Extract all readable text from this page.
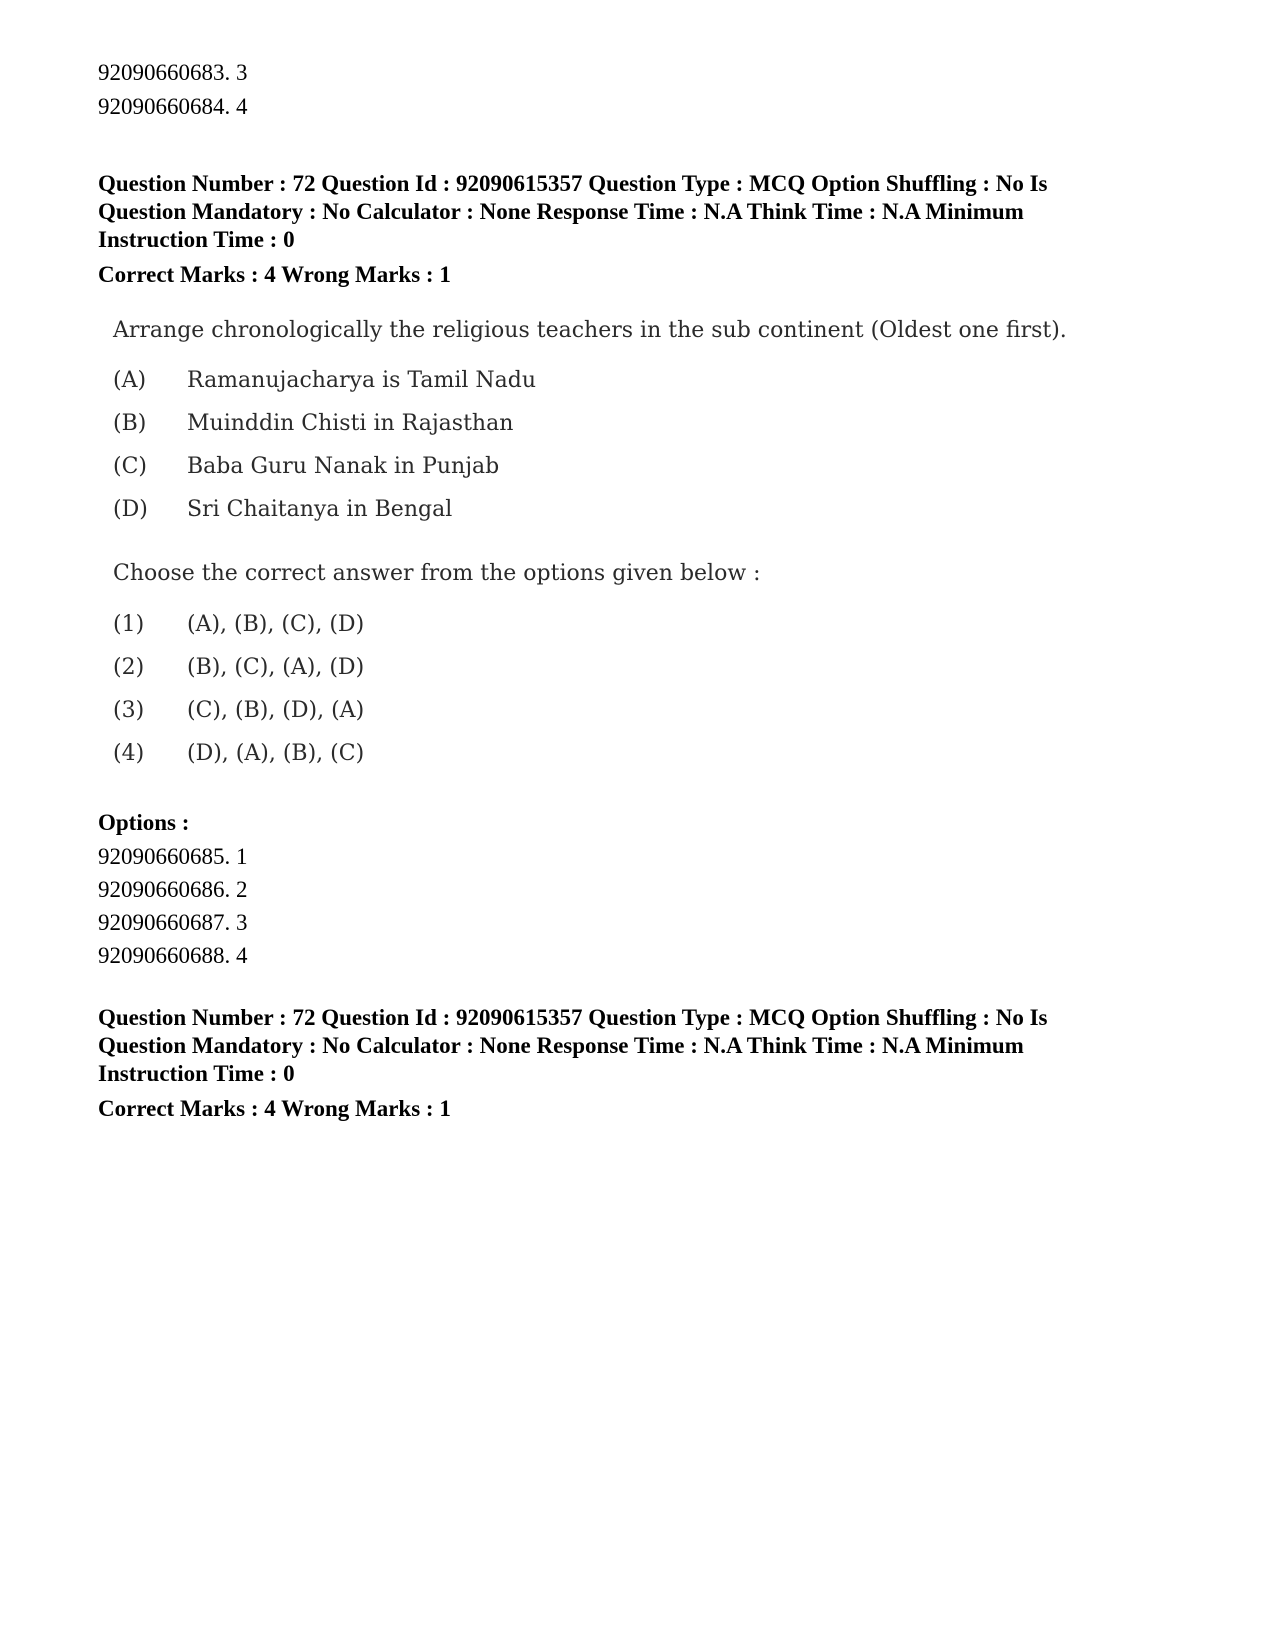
92090660683. 3
92090660684. 4
Question Number : 72 Question Id : 92090615357 Question Type : MCQ Option Shuffling : No Is
Question Mandatory : No Calculator : None Response Time : N.A Think Time : N.A Minimum
Instruction Time : 0
Correct Marks : 4 Wrong Marks : 1
Arrange chronologically the religious teachers in the sub continent (Oldest one first).
(A)	Ramanujacharya is Tamil Nadu
(B)	Muinddin Chisti in Rajasthan
(C)	Baba Guru Nanak in Punjab
(D)	Sri Chaitanya in Bengal
Choose the correct answer from the options given below :
(1)	(A), (B), (C), (D)
(2)	(B), (C), (A), (D)
(3)	(C), (B), (D), (A)
(4)	(D), (A), (B), (C)
Options :
92090660685. 1
92090660686. 2
92090660687. 3
92090660688. 4
Question Number : 72 Question Id : 92090615357 Question Type : MCQ Option Shuffling : No Is
Question Mandatory : No Calculator : None Response Time : N.A Think Time : N.A Minimum
Instruction Time : 0
Correct Marks : 4 Wrong Marks : 1
